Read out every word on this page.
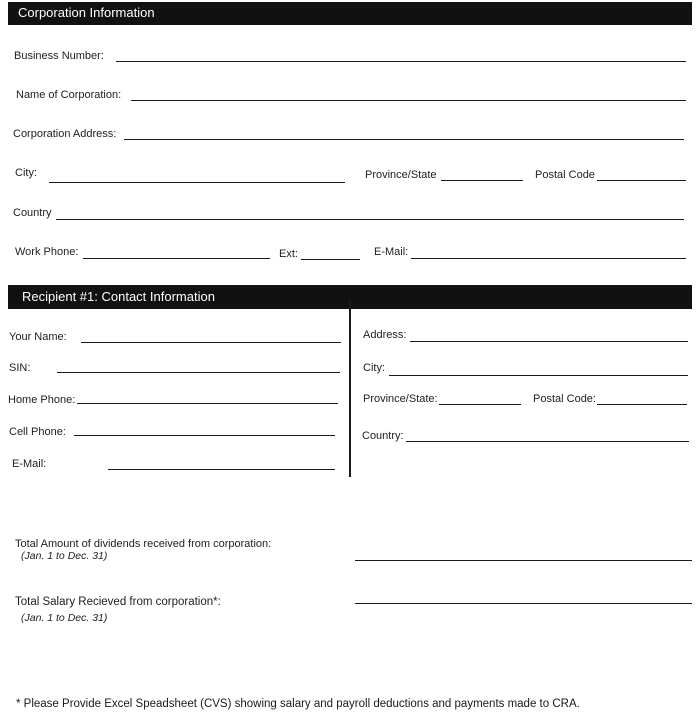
Corporation Information
Business Number:
Name of Corporation:
Corporation Address:
City:	Province/State	Postal Code
Country
Work Phone:	Ext:	E-Mail:
Recipient #1: Contact Information
Your Name:
SIN:
Home Phone:
Cell Phone:
E-Mail:
Address:
City:
Province/State:	Postal Code:
Country:
Total Amount of dividends received from corporation:
(Jan. 1 to Dec. 31)
Total Salary Recieved from corporation*:
(Jan. 1 to Dec. 31)
* Please Provide Excel Speadsheet (CVS) showing salary and payroll deductions and payments made to CRA.
